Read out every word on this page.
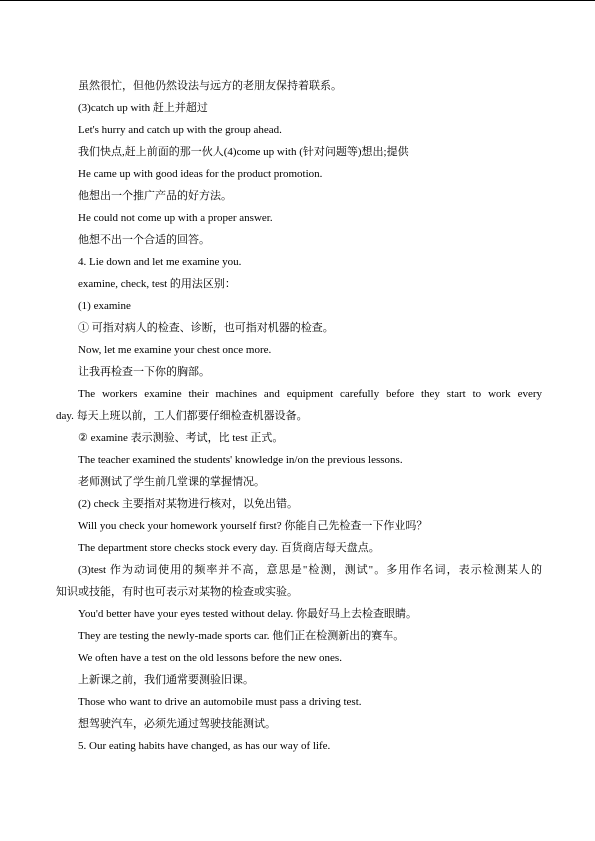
虽然很忙，但他仍然设法与远方的老朋友保持着联系。
(3)catch up with 赶上并超过
Let's hurry and catch up with the group ahead.
我们快点,赶上前面的那一伙人(4)come up with (针对问题等)想出;提供
He came up with good ideas for the product promotion.
他想出一个推广产品的好方法。
He could not come up with a proper answer.
他想不出一个合适的回答。
4. Lie down and let me examine you.
examine, check, test 的用法区别：
(1) examine
① 可指对病人的检查、诊断，也可指对机器的检查。
Now, let me examine your chest once more.
让我再检查一下你的胸部。
The workers examine their machines and equipment carefully before they start to work every
day. 每天上班以前，工人们都要仔细检查机器设备。
② examine 表示测验、考试，比 test 正式。
The teacher examined the students' knowledge in/on the previous lessons.
老师测试了学生前几堂课的掌握情况。
(2) check 主要指对某物进行核对，以免出错。
Will you check your homework yourself first? 你能自己先检查一下作业吗？
The department store checks stock every day. 百货商店每天盘点。
(3)test 作为动词使用的频率并不高，意思是"检测，测试"。多用作名词，表示检测某人的
知识或技能，有时也可表示对某物的检查或实验。
You'd better have your eyes tested without delay. 你最好马上去检查眼睛。
They are testing the newly-made sports car. 他们正在检测新出的赛车。
We often have a test on the old lessons before the new ones.
上新课之前，我们通常要测验旧课。
Those who want to drive an automobile must pass a driving test.
想驾驶汽车，必须先通过驾驶技能测试。
5. Our eating habits have changed, as has our way of life.
